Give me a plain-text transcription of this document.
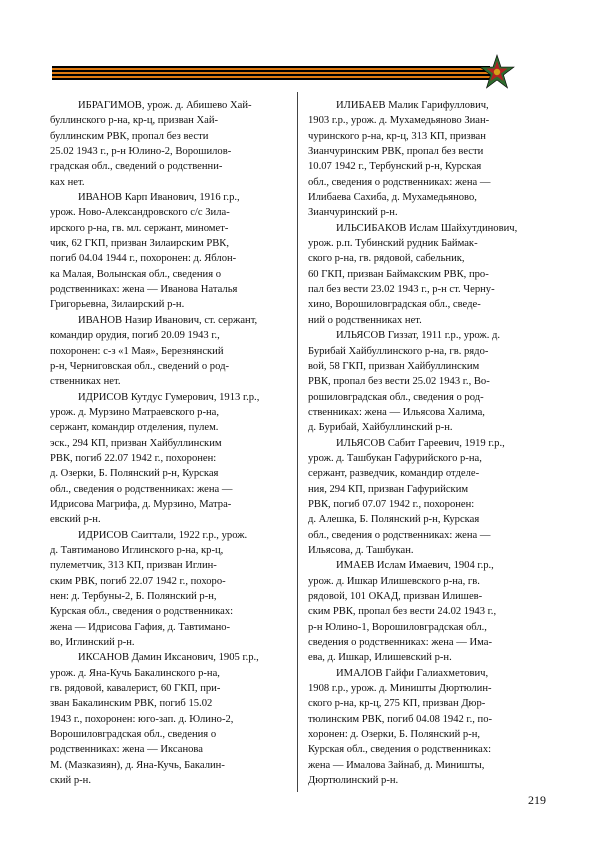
ИБРАГИМОВ, урож. д. Абишево Хай-

буллинского р-на, кр-ц, призван Хай-

буллинским РВК, пропал без вести

25.02 1943 г., р-н Юлино-2, Ворошилов-

градская обл., сведений о родственни-

ках нет.

ИВАНОВ Карп Иванович, 1916 г.р.,

урож. Ново-Александровского с/с Зила-

ирского р-на, гв. мл. сержант, миномет-

чик, 62 ГКП, призван Зилаирским РВК,

погиб 04.04 1944 г., похоронен: д. Яблон-

ка Малая, Волынская обл., сведения о

родственниках: жена — Иванова Наталья

Григорьевна, Зилаирский р-н.

ИВАНОВ Назир Иванович, ст. сержант,

командир орудия, погиб 20.09 1943 г.,

похоронен: с-з «1 Мая», Березнянский

р-н, Черниговская обл., сведений о род-

ственниках нет.

ИДРИСОВ Кутдус Гумерович, 1913 г.р.,

урож. д. Мурзино Матраевского р-на,

сержант, командир отделения, пулем.

эск., 294 КП, призван Хайбуллинским

РВК, погиб 22.07 1942 г., похоронен:

д. Озерки, Б. Полянский р-н, Курская

обл., сведения о родственниках: жена —

Идрисова Магрифа, д. Мурзино, Матра-

евский р-н.

ИДРИСОВ Саиттали, 1922 г.р., урож.

д. Тавтиманово Иглинского р-на, кр-ц,

пулеметчик, 313 КП, призван Иглин-

ским РВК, погиб 22.07 1942 г., похоро-

нен: д. Тербуны-2, Б. Полянский р-н,

Курская обл., сведения о родственниках:

жена — Идрисова Гафия, д. Тавтимано-

во, Иглинский р-н.

ИКСАНОВ Дамин Иксанович, 1905 г.р.,

урож. д. Яна-Кучь Бакалинского р-на,

гв. рядовой, кавалерист, 60 ГКП, при-

зван Бакалинским РВК, погиб 15.02

1943 г., похоронен: юго-зап. д. Юлино-2,

Ворошиловградская обл., сведения о

родственниках: жена — Иксанова

М. (Мазказиян), д. Яна-Кучь, Бакалин-

ский р-н.

ИЛИБАЕВ Малик Гарифуллович,

1903 г.р., урож. д. Мухамедьяново Зиан-

чуринского р-на, кр-ц, 313 КП, призван

Зианчуринским РВК, пропал без вести

10.07 1942 г., Тербунский р-н, Курская

обл., сведения о родственниках: жена —

Илибаева Сахиба, д. Мухамедьяново,

Зианчуринский р-н.

ИЛЬСИБАКОВ Ислам Шайхутдинович,

урож. р.п. Тубинский рудник Баймак-

ского р-на, гв. рядовой, сабельник,

60 ГКП, призван Баймакским РВК, про-

пал без вести 23.02 1943 г., р-н ст. Черну-

хино, Ворошиловградская обл., сведе-

ний о родственниках нет.

ИЛЬЯСОВ Гиззат, 1911 г.р., урож. д.

Бурибай Хайбуллинского р-на, гв. рядо-

вой, 58 ГКП, призван Хайбуллинским

РВК, пропал без вести 25.02 1943 г., Во-

рошиловградская обл., сведения о род-

ственниках: жена — Ильясова Халима,

д. Бурибай, Хайбуллинский р-н.

ИЛЬЯСОВ Сабит Гареевич, 1919 г.р.,

урож. д. Ташбукан Гафурийского р-на,

сержант, разведчик, командир отделе-

ния, 294 КП, призван Гафурийским

РВК, погиб 07.07 1942 г., похоронен:

д. Алешка, Б. Полянский р-н, Курская

обл., сведения о родственниках: жена —

Ильясова, д. Ташбукан.

ИМАЕВ Ислам Имаевич, 1904 г.р.,

урож. д. Ишкар Илишевского р-на, гв.

рядовой, 101 ОКАД, призван Илишев-

ским РВК, пропал без вести 24.02 1943 г.,

р-н Юлино-1, Ворошиловградская обл.,

сведения о родственниках: жена — Има-

ева, д. Ишкар, Илишевский р-н.

ИМАЛОВ Гайфи Галиахметович,

1908 г.р., урож. д. Миништы Дюртюлин-

ского р-на, кр-ц, 275 КП, призван Дюр-

тюлинским РВК, погиб 04.08 1942 г., по-

хоронен: д. Озерки, Б. Полянский р-н,

Курская обл., сведения о родственниках:

жена — Ималова Зайнаб, д. Миништы,

Дюртюлинский р-н.

219
